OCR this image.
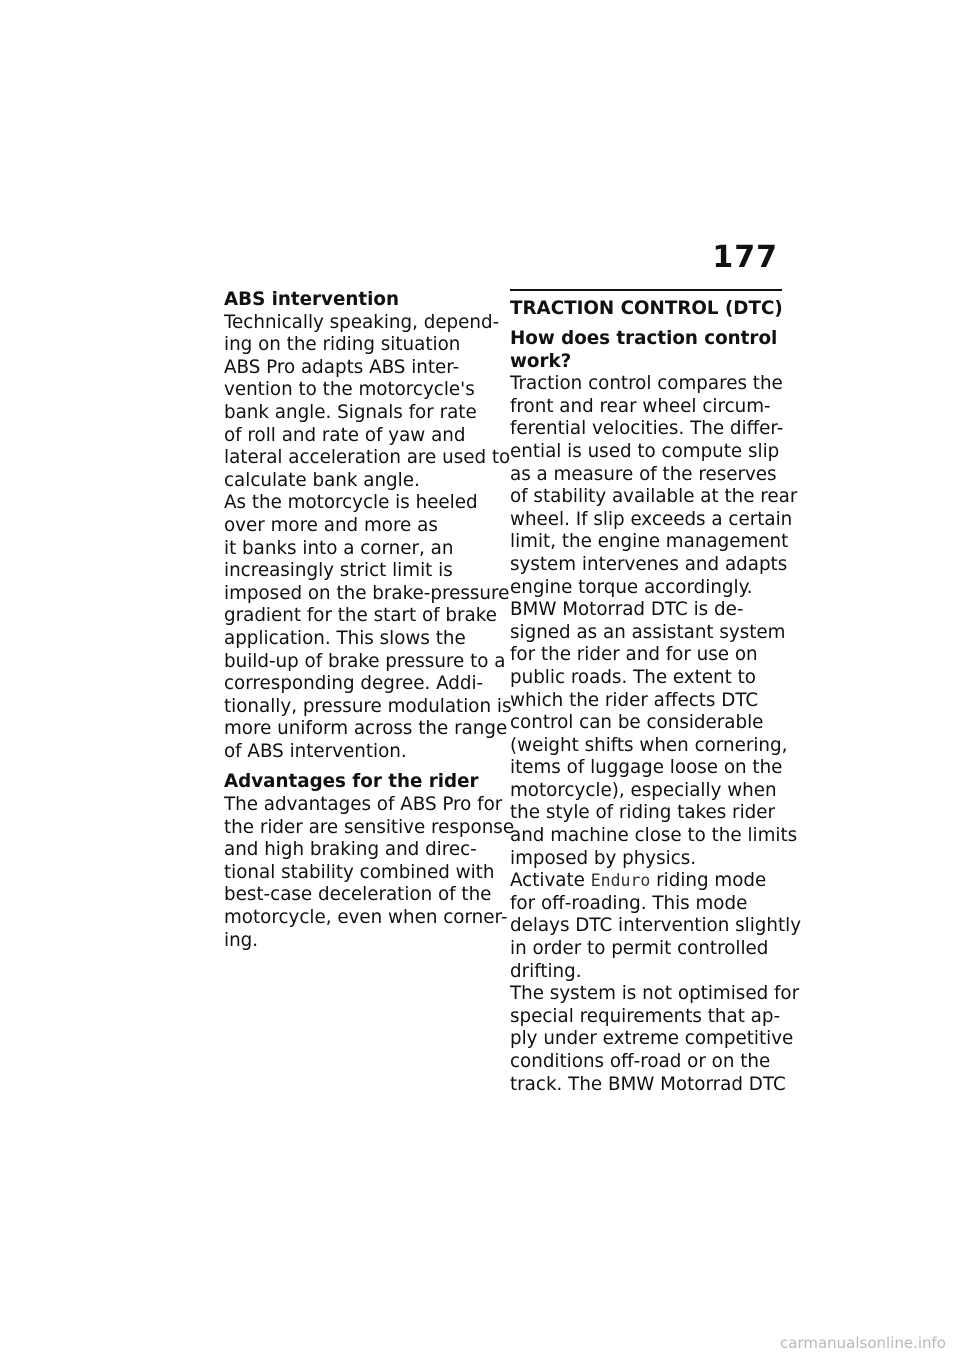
177
ABS intervention
Technically speaking, depend-
ing on the riding situation
ABS Pro adapts ABS inter-
vention to the motorcycle's
bank angle. Signals for rate
of roll and rate of yaw and
lateral acceleration are used to
calculate bank angle.
As the motorcycle is heeled
over more and more as
it banks into a corner, an
increasingly strict limit is
imposed on the brake-pressure
gradient for the start of brake
application. This slows the
build-up of brake pressure to a
corresponding degree. Addi-
tionally, pressure modulation is
more uniform across the range
of ABS intervention.
Advantages for the rider
The advantages of ABS Pro for
the rider are sensitive response
and high braking and direc-
tional stability combined with
best-case deceleration of the
motorcycle, even when corner-
ing.
TRACTION CONTROL (DTC)
How does traction control
work?
Traction control compares the
front and rear wheel circum-
ferential velocities. The differ-
ential is used to compute slip
as a measure of the reserves
of stability available at the rear
wheel. If slip exceeds a certain
limit, the engine management
system intervenes and adapts
engine torque accordingly.
BMW Motorrad DTC is de-
signed as an assistant system
for the rider and for use on
public roads. The extent to
which the rider affects DTC
control can be considerable
(weight shifts when cornering,
items of luggage loose on the
motorcycle), especially when
the style of riding takes rider
and machine close to the limits
imposed by physics.
Activate Enduro riding mode
for off-roading. This mode
delays DTC intervention slightly
in order to permit controlled
drifting.
The system is not optimised for
special requirements that ap-
ply under extreme competitive
conditions off-road or on the
track. The BMW Motorrad DTC
carmanualsonline.info
